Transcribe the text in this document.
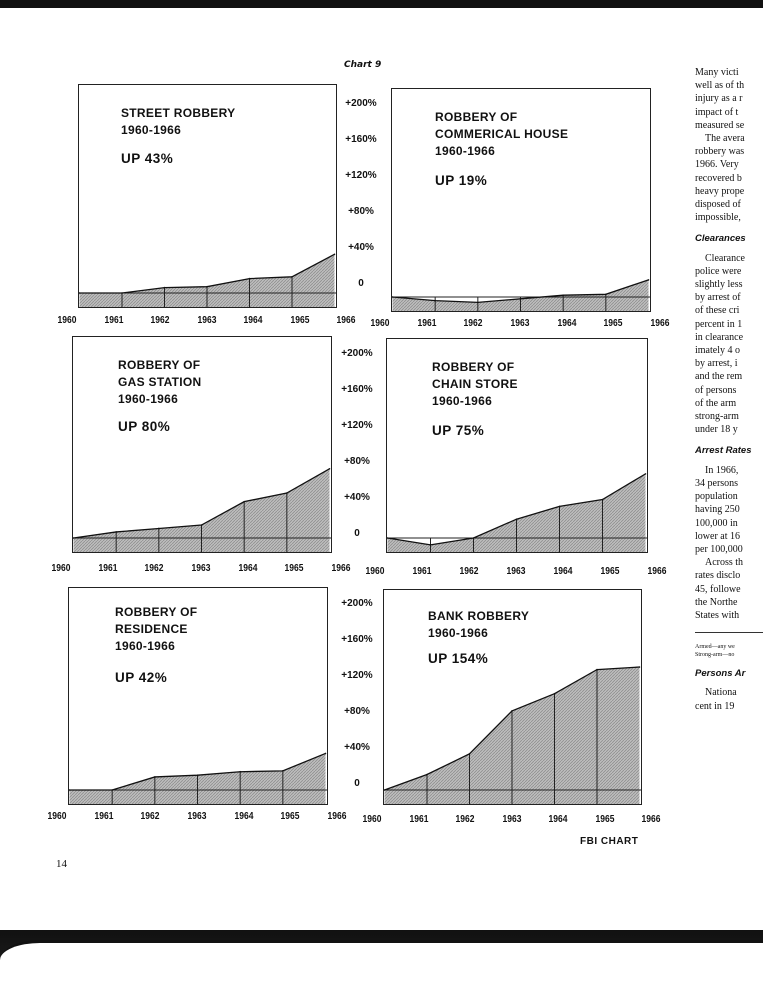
Chart 9
STREET ROBBERY
1960-1966
UP 43%
+200%
+160%
+120%
+80%
+40%
0
1960	1961	1962	1963	1964	1965	1966
ROBBERY OF
COMMERICAL HOUSE
1960-1966
UP 19%
1960	1961	1962	1963	1964	1965	1966
ROBBERY OF
GAS STATION
1960-1966
UP 80%
+200%
+160%
+120%
+80%
+40%
0
1960	1961	1962	1963	1964	1965	1966
ROBBERY OF
CHAIN STORE
1960-1966
UP 75%
1960	1961	1962	1963	1964	1965	1966
ROBBERY OF
RESIDENCE
1960-1966
UP 42%
+200%
+160%
+120%
+80%
+40%
0
1960	1961	1962	1963	1964	1965	1966
BANK ROBBERY
1960-1966
UP 154%
1960	1961	1962	1963	1964	1965	1966
FBI CHART
14

Many victi

well as of th

injury as a r

impact of t

measured se

The avera

robbery was

1966. Very

recovered b

heavy prope

disposed of

impossible,

Clearances

Clearance

police were

slightly less

by arrest of

of these cri

percent in 1

in clearance

imately 4 o

by arrest, i

and the rem

of persons

of the arm

strong-arm

under 18 y

Arrest Rates

In 1966,

34 persons

population

having 250

100,000 in

lower at 16

per 100,000

Across th

rates disclo

45, followe

the Northe

States with

Armed—any we

Strong-arm—no

Persons Ar

Nationa

cent in 19
